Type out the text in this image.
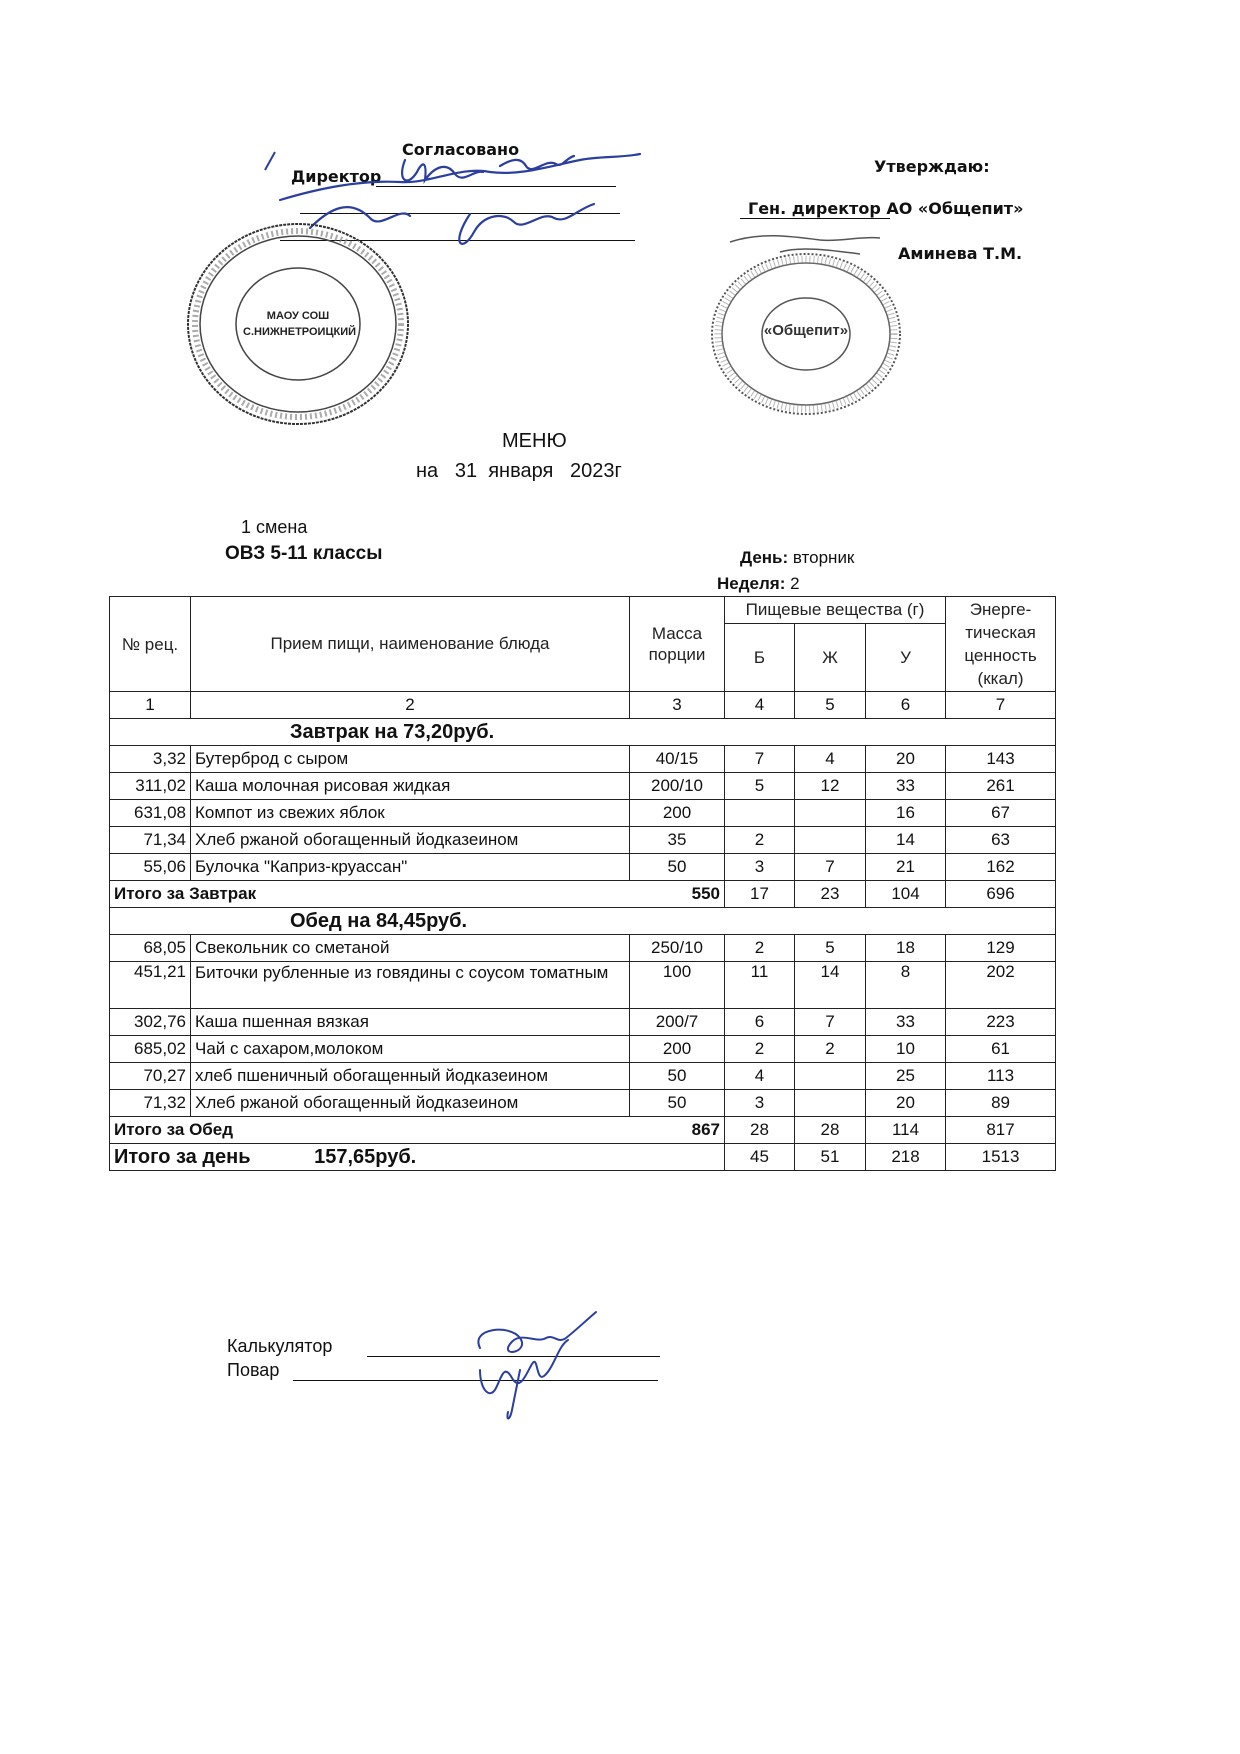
Согласовано
Директор
МАОУ СОШ С.НИЖНЕТРОИЦКИЙ
Утверждаю:
Ген. директор АО «Общепит»
Аминева Т.М.
«Общепит»
МЕНЮ
на   31  января   2023г
1 смена
ОВЗ 5-11 классы	День: вторник
Неделя: 2
№ рец.	Прием пищи, наименование блюда	Масса порции	Пищевые вещества (г)			Энерге-тическая ценность (ккал)
			Б	Ж	У	
1	2	3	4	5	6	7
Завтрак на 73,20руб.						
3,32	Бутерброд с сыром	40/15	7	4	20	143
311,02	Каша молочная рисовая жидкая	200/10	5	12	33	261
631,08	Компот из свежих яблок	200			16	67
71,34	Хлеб ржаной обогащенный йодказеином	35	2		14	63
55,06	Булочка "Каприз-круассан"	50	3	7	21	162
Итого за Завтрак 550			17	23	104	696
Обед на 84,45руб.						
68,05	Свекольник со сметаной	250/10	2	5	18	129
451,21	Биточки рубленные из говядины с соусом томатным	100	11	14	8	202
302,76	Каша пшенная вязкая	200/7	6	7	33	223
685,02	Чай с сахаром,молоком	200	2	2	10	61
70,27	хлеб пшеничный обогащенный йодказеином	50	4		25	113
71,32	Хлеб ржаной обогащенный йодказеином	50	3		20	89
Итого за Обед 867			28	28	114	817
Итого за день 157,65руб.			45	51	218	1513
Калькулятор
Повар
